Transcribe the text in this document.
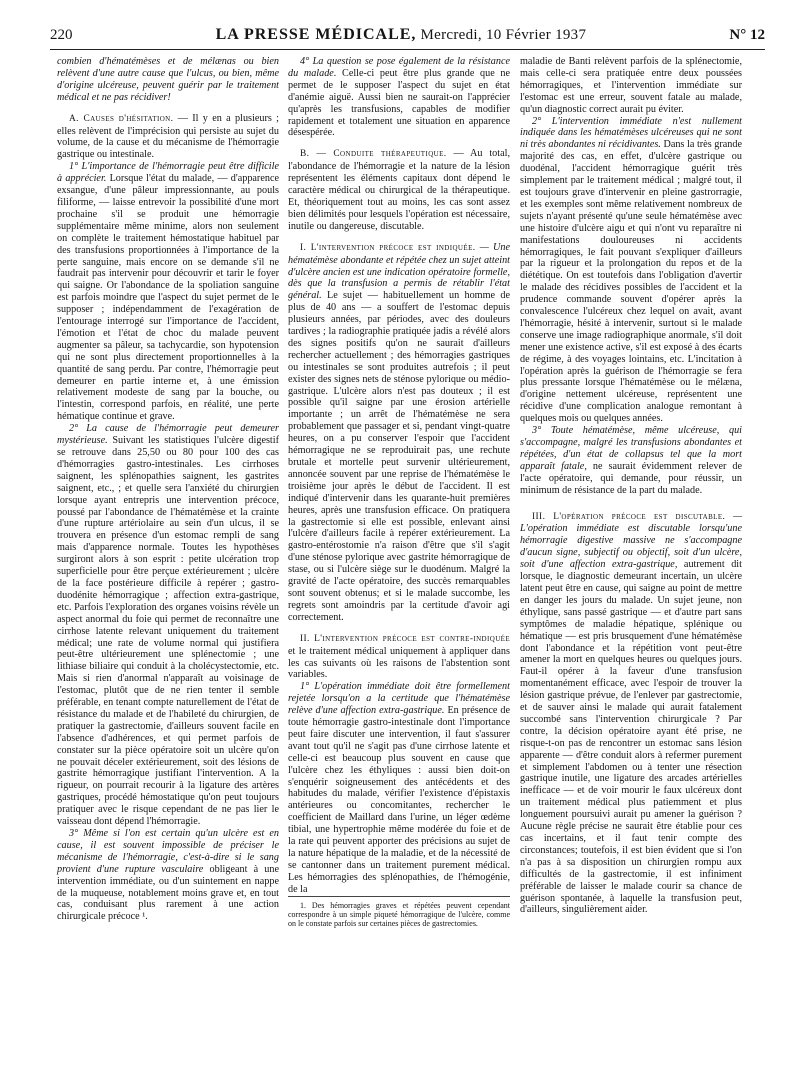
220	LA PRESSE MÉDICALE, Mercredi, 10 Février 1937	N° 12

combien d'hématémèses et de mélænas ou bien relèvent d'une autre cause que l'ulcus, ou bien, même d'origine ulcéreuse, peuvent guérir par le traitement médical et ne pas récidiver!

A. Causes d'hésitation. — Il y en a plusieurs ; elles relèvent de l'imprécision qui persiste au sujet du volume, de la cause et du mécanisme de l'hémorragie gastrique ou intestinale.

1° L'importance de l'hémorragie peut être difficile à apprécier. Lorsque l'état du malade, — d'apparence exsangue, d'une pâleur impressionnante, au pouls filiforme, — laisse entrevoir la possibilité d'une mort prochaine s'il se produit une hémorragie supplémentaire même minime, alors non seulement on complète le traitement hémostatique habituel par des transfusions proportionnées à l'importance de la perte sanguine, mais encore on se demande s'il ne faudrait pas intervenir pour découvrir et tarir le foyer qui saigne. Or l'abondance de la spoliation sanguine est parfois moindre que l'aspect du sujet permet de le supposer ; indépendamment de l'exagération de l'entourage interrogé sur l'importance de l'accident, l'émotion et l'état de choc du malade peuvent augmenter sa pâleur, sa tachycardie, son hypotension qui ne sont plus directement proportionnelles à la quantité de sang perdu. Par contre, l'hémorragie peut demeurer en partie interne et, à une émission relativement modeste de sang par la bouche, ou l'intestin, correspond parfois, en réalité, une perte hématique continue et grave.

2° La cause de l'hémorragie peut demeurer mystérieuse. Suivant les statistiques l'ulcère digestif se retrouve dans 25,50 ou 80 pour 100 des cas d'hémorragies gastro-intestinales. Les cirrhoses saignent, les splénopathies saignent, les gastrites saignent, etc., ; et quelle sera l'anxiété du chirurgien lorsque ayant entrepris une intervention précoce, poussé par l'abondance de l'hématémèse et la crainte d'une rupture artériolaire au sein d'un ulcus, il se trouvera en présence d'un estomac rempli de sang mais d'apparence normale. Toutes les hypothèses surgiront alors à son esprit : petite ulcération trop superficielle pour être perçue extérieurement ; ulcère de la face postérieure difficile à repérer ; gastro-duodénite hémorragique ; affection extra-gastrique, etc. Parfois l'exploration des organes voisins révèle un aspect anormal du foie qui permet de reconnaître une cirrhose latente relevant uniquement du traitement médical; une rate de volume normal qui justifiera peut-être ultérieurement une splénectomie ; une lithiase biliaire qui conduit à la cholécystectomie, etc. Mais si rien d'anormal n'apparaît au voisinage de l'estomac, plutôt que de ne rien tenter il semble préférable, en tenant compte naturellement de l'état de résistance du malade et de l'habileté du chirurgien, de pratiquer la gastrectomie, d'ailleurs souvent facile en l'absence d'adhérences, et qui permet parfois de constater sur la pièce opératoire soit un ulcère qu'on ne pouvait déceler extérieurement, soit des lésions de gastrite hémorragique justifiant l'intervention. A la rigueur, on pourrait recourir à la ligature des artères gastriques, procédé hémostatique qu'on peut toujours pratiquer avec le risque cependant de ne pas lier le vaisseau dont dépend l'hémorragie.

3° Même si l'on est certain qu'un ulcère est en cause, il est souvent impossible de préciser le mécanisme de l'hémorragie, c'est-à-dire si le sang provient d'une rupture vasculaire obligeant à une intervention immédiate, ou d'un suintement en nappe de la muqueuse, notablement moins grave et, en tout cas, conduisant plus rarement à une action chirurgicale précoce ¹.

4° La question se pose également de la résistance du malade. Celle-ci peut être plus grande que ne permet de le supposer l'aspect du sujet en état d'anémie aiguë. Aussi bien ne saurait-on l'apprécier qu'après les transfusions, capables de modifier rapidement et totalement une situation en apparence désespérée.

B. — Conduite thérapeutique. — Au total, l'abondance de l'hémorragie et la nature de la lésion représentent les éléments capitaux dont dépend le caractère médical ou chirurgical de la thérapeutique. Et, théoriquement tout au moins, les cas sont assez bien délimités pour lesquels l'opération est nécessaire, inutile ou dangereuse, discutable.

I. L'intervention précoce est indiquée. — Une hématémèse abondante et répétée chez un sujet atteint d'ulcère ancien est une indication opératoire formelle, dès que la transfusion a permis de rétablir l'état général. Le sujet — habituellement un homme de plus de 40 ans — a souffert de l'estomac depuis plusieurs années, par périodes, avec des douleurs tardives ; la radiographie pratiquée jadis a révélé alors des signes positifs qu'on ne saurait d'ailleurs rechercher actuellement ; des hémorragies gastriques ou intestinales se sont produites autrefois ; il peut exister des signes nets de sténose pylorique ou médio-gastrique. L'ulcère alors n'est pas douteux ; il est possible qu'il saigne par une érosion artérielle importante ; un arrêt de l'hématémèse ne sera probablement que passager et si, pendant vingt-quatre heures, on a pu conserver l'espoir que l'accident hémorragique ne se reproduirait pas, une rechute brutale et mortelle peut survenir ultérieurement, annoncée souvent par une reprise de l'hématémèse le troisième jour après le début de l'accident. Il est indiqué d'intervenir dans les quarante-huit premières heures, après une transfusion efficace. On pratiquera la gastrectomie si elle est possible, enlevant ainsi l'ulcère d'ailleurs facile à repérer extérieurement. La gastro-entérostomie n'a raison d'être que s'il s'agit d'une sténose pylorique avec gastrite hémorragique de stase, ou si l'ulcère siège sur le duodénum. Malgré la gravité de l'acte opératoire, des succès remarquables sont souvent obtenus; et si le malade succombe, les regrets sont amoindris par la certitude d'avoir agi correctement.

II. L'intervention précoce est contre-indiquée et le traitement médical uniquement à appliquer dans les cas suivants où les raisons de l'abstention sont variables.

1° L'opération immédiate doit être formellement rejetée lorsqu'on a la certitude que l'hématémèse relève d'une affection extra-gastrique. En présence de toute hémorragie gastro-intestinale dont l'importance peut faire discuter une intervention, il faut s'assurer avant tout qu'il ne s'agit pas d'une cirrhose latente et celle-ci est beaucoup plus souvent en cause que l'ulcère chez les éthyliques : aussi bien doit-on s'enquérir soigneusement des antécédents et des habitudes du malade, vérifier l'existence d'épistaxis antérieures ou concomitantes, rechercher le coefficient de Maillard dans l'urine, un léger œdème tibial, une hypertrophie même modérée du foie et de la rate qui peuvent apporter des précisions au sujet de la nature hépatique de la maladie, et de la nécessité de se cantonner dans un traitement purement médical. Les hémorragies des splénopathies, de l'hémogénie, de la

1. Des hémorragies graves et répétées peuvent cependant correspondre à un simple piqueté hémorragique de l'ulcère, comme on le constate parfois sur certaines pièces de gastrectomies.

maladie de Banti relèvent parfois de la splénectomie, mais celle-ci sera pratiquée entre deux poussées hémorragiques, et l'intervention immédiate sur l'estomac est une erreur, souvent fatale au malade, qu'un diagnostic correct aurait pu éviter.

2° L'intervention immédiate n'est nullement indiquée dans les hématémèses ulcéreuses qui ne sont ni très abondantes ni récidivantes. Dans la très grande majorité des cas, en effet, d'ulcère gastrique ou duodénal, l'accident hémorragique guérit très simplement par le traitement médical ; malgré tout, il est toujours grave d'intervenir en pleine gastrorragie, et les exemples sont même relativement nombreux de sujets n'ayant présenté qu'une seule hématémèse avec une histoire d'ulcère aigu et qui n'ont vu reparaître ni manifestations douloureuses ni accidents hémorragiques, le fait pouvant s'expliquer d'ailleurs par la rigueur et la prolongation du repos et de la diététique. On est toutefois dans l'obligation d'avertir le malade des récidives possibles de l'accident et la prudence commande souvent d'opérer après la convalescence l'ulcéreux chez lequel on avait, avant l'hémorragie, hésité à intervenir, surtout si le malade conserve une image radiographique anormale, s'il doit mener une existence active, s'il est exposé à des écarts de régime, à des voyages lointains, etc. L'incitation à l'opération après la guérison de l'hémorragie se fera plus pressante lorsque l'hématémèse ou le mélæna, d'origine nettement ulcéreuse, représentent une récidive d'une complication analogue remontant à quelques mois ou quelques années.

3° Toute hématémèse, même ulcéreuse, qui s'accompagne, malgré les transfusions abondantes et répétées, d'un état de collapsus tel que la mort apparaît fatale, ne saurait évidemment relever de l'acte opératoire, qui demande, pour réussir, un minimum de résistance de la part du malade.

III. L'opération précoce est discutable. — L'opération immédiate est discutable lorsqu'une hémorragie digestive massive ne s'accompagne d'aucun signe, subjectif ou objectif, soit d'un ulcère, soit d'une affection extra-gastrique, autrement dit lorsque, le diagnostic demeurant incertain, un ulcère latent peut être en cause, qui saigne au point de mettre en danger les jours du malade. Un sujet jeune, non éthylique, sans passé gastrique — et d'autre part sans symptômes de maladie hépatique, splénique ou hématique — est pris brusquement d'une hématémèse dont l'abondance et la répétition vont peut-être amener la mort en quelques heures ou quelques jours. Faut-il opérer à la faveur d'une transfusion momentanément efficace, avec l'espoir de trouver la lésion gastrique prévue, de l'enlever par gastrectomie, et de sauver ainsi le malade qui aurait fatalement succombé sans l'intervention chirurgicale ? Par contre, la décision opératoire ayant été prise, ne risque-t-on pas de rencontrer un estomac sans lésion apparente — d'être conduit alors à refermer purement et simplement l'abdomen ou à tenter une résection gastrique inutile, une ligature des arcades artérielles inefficace — et de voir mourir le faux ulcéreux dont un traitement médical plus patiemment et plus longuement poursuivi aurait pu amener la guérison ? Aucune règle précise ne saurait être établie pour ces cas incertains, et il faut tenir compte des circonstances; toutefois, il est bien évident que si l'on n'a pas à sa disposition un chirurgien rompu aux difficultés de la gastrectomie, il est infiniment préférable de laisser le malade courir sa chance de guérison spontanée, à laquelle la transfusion peut, d'ailleurs, singulièrement aider.
